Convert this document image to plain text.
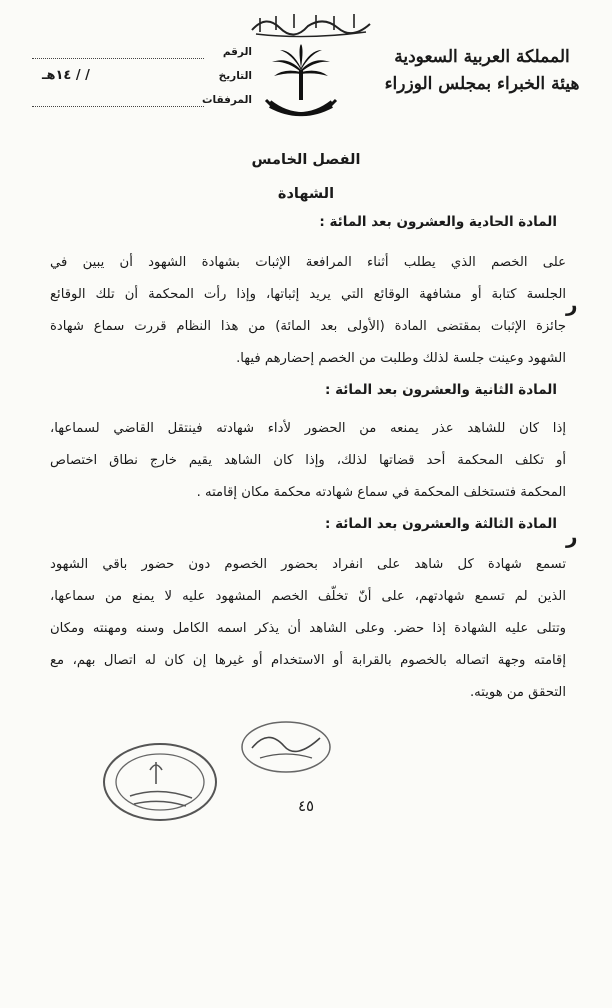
المملكة العربية السعودية
هيئة الخبراء بمجلس الوزراء
الرقم
التاريخ
/ / ١٤هـ
المرفقات
الفصل الخامس
الشهادة
المادة الحادية والعشرون بعد المائة :
على الخصم الذي يطلب أثناء المرافعة الإثبات بشهادة الشهود أن يبين في
الجلسة كتابة أو مشافهة الوقائع التي يريد إثباتها، وإذا رأت المحكمة أن تلك الوقائع
جائزة الإثبات بمقتضى المادة (الأولى بعد المائة) من هذا النظام قررت سماع شهادة
الشهود وعينت جلسة لذلك وطلبت من الخصم إحضارهم فيها.
ر
المادة الثانية والعشرون بعد المائة :
إذا كان للشاهد عذر يمنعه من الحضور لأداء شهادته فينتقل القاضي لسماعها،
أو تكلف المحكمة أحد قضاتها لذلك، وإذا كان الشاهد يقيم خارج نطاق اختصاص
المحكمة فتستخلف المحكمة في سماع شهادته محكمة مكان إقامته .
ر
المادة الثالثة والعشرون بعد المائة :
تسمع شهادة كل شاهد على انفراد بحضور الخصوم دون حضور باقي الشهود
الذين لم تسمع شهادتهم، على أنّ تخلّف الخصم المشهود عليه لا يمنع من سماعها،
وتتلى عليه الشهادة إذا حضر. وعلى الشاهد أن يذكر اسمه الكامل وسنه ومهنته ومكان
إقامته وجهة اتصاله بالخصوم بالقرابة أو الاستخدام أو غيرها إن كان له اتصال بهم، مع
التحقق من هويته.
٤٥
